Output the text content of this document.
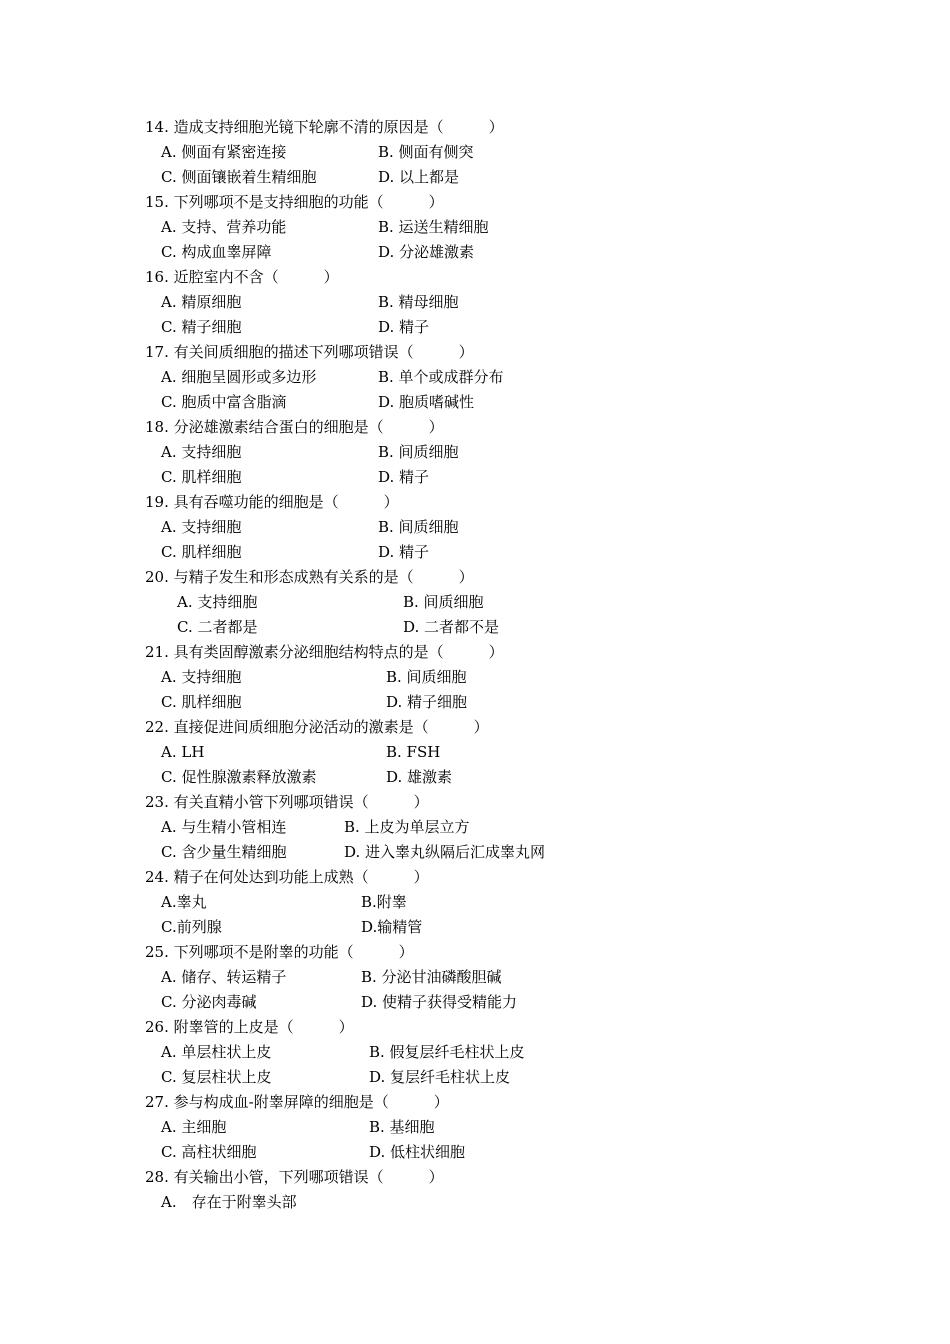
14. 造成支持细胞光镜下轮廓不清的原因是（　　　）
A. 侧面有紧密连接	B. 侧面有侧突
C. 侧面镶嵌着生精细胞	D. 以上都是
15. 下列哪项不是支持细胞的功能（　　　）
A. 支持、营养功能	B. 运送生精细胞
C. 构成血睾屏障	D. 分泌雄激素
16. 近腔室内不含（　　　）
A. 精原细胞	B. 精母细胞
C. 精子细胞	D. 精子
17. 有关间质细胞的描述下列哪项错误（　　　）
A. 细胞呈圆形或多边形	B. 单个或成群分布
C. 胞质中富含脂滴	D. 胞质嗜碱性
18. 分泌雄激素结合蛋白的细胞是（　　　）
A. 支持细胞	B. 间质细胞
C. 肌样细胞	D. 精子
19. 具有吞噬功能的细胞是（　　　）
A. 支持细胞	B. 间质细胞
C. 肌样细胞	D. 精子
20. 与精子发生和形态成熟有关系的是（　　　）
A. 支持细胞	B. 间质细胞
C. 二者都是	D. 二者都不是
21. 具有类固醇激素分泌细胞结构特点的是（　　　）
A. 支持细胞	B. 间质细胞
C. 肌样细胞	D. 精子细胞
22. 直接促进间质细胞分泌活动的激素是（　　　）
A. LH	B. FSH
C. 促性腺激素释放激素	D. 雄激素
23. 有关直精小管下列哪项错误（　　　）
A. 与生精小管相连	B. 上皮为单层立方
C. 含少量生精细胞	D. 进入睾丸纵隔后汇成睾丸网
24. 精子在何处达到功能上成熟（　　　）
A.睾丸	B.附睾
C.前列腺	D.输精管
25. 下列哪项不是附睾的功能（　　　）
A. 储存、转运精子	B. 分泌甘油磷酸胆碱
C. 分泌肉毒碱	D. 使精子获得受精能力
26. 附睾管的上皮是（　　　）
A. 单层柱状上皮	B. 假复层纤毛柱状上皮
C. 复层柱状上皮	D. 复层纤毛柱状上皮
27. 参与构成血-附睾屏障的细胞是（　　　）
A. 主细胞	B. 基细胞
C. 高柱状细胞	D. 低柱状细胞
28. 有关输出小管，下列哪项错误（　　　）
A.　存在于附睾头部
